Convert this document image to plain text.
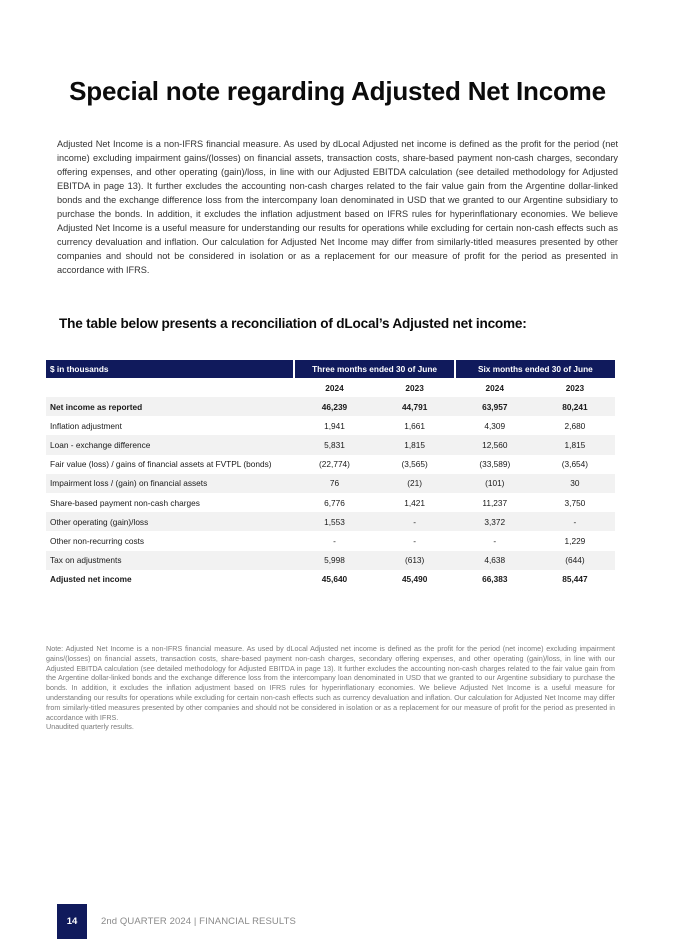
Special note regarding Adjusted Net Income

Adjusted Net Income is a non-IFRS financial measure. As used by dLocal Adjusted net income is defined as the profit for the period (net income) excluding impairment gains/(losses) on financial assets, transaction costs, share-based payment non-cash charges, secondary offering expenses, and other operating (gain)/loss, in line with our Adjusted EBITDA calculation (see detailed methodology for Adjusted EBITDA in page 13). It further excludes the accounting non-cash charges related to the fair value gain from the Argentine dollar-linked bonds and the exchange difference loss from the intercompany loan denominated in USD that we granted to our Argentine subsidiary to purchase the bonds. In addition, it excludes the inflation adjustment based on IFRS rules for hyperinflationary economies. We believe Adjusted Net Income is a useful measure for understanding our results for operations while excluding for certain non-cash effects such as currency devaluation and inflation. Our calculation for Adjusted Net Income may differ from similarly-titled measures presented by other companies and should not be considered in isolation or as a replacement for our measure of profit for the period as presented in accordance with IFRS.

The table below presents a reconciliation of dLocal’s Adjusted net income:
$ in thousands	Three months ended 30 of June		Six months ended 30 of June	
	2024	2023	2024	2023
Net income as reported	46,239	44,791	63,957	80,241
Inflation adjustment	1,941	1,661	4,309	2,680
Loan - exchange difference	5,831	1,815	12,560	1,815
Fair value (loss) / gains of financial assets at FVTPL (bonds)	(22,774)	(3,565)	(33,589)	(3,654)
Impairment loss / (gain) on financial assets	76	(21)	(101)	30
Share-based payment non-cash charges	6,776	1,421	11,237	3,750
Other operating (gain)/loss	1,553	-	3,372	-
Other non-recurring costs	-	-	-	1,229
Tax on adjustments	5,998	(613)	4,638	(644)
Adjusted net income	45,640	45,490	66,383	85,447

Note: Adjusted Net Income is a non-IFRS financial measure. As used by dLocal Adjusted net income is defined as the profit for the period (net income) excluding impairment gains/(losses) on financial assets, transaction costs, share-based payment non-cash charges, secondary offering expenses, and other operating (gain)/loss, in line with our Adjusted EBITDA calculation (see detailed methodology for Adjusted EBITDA in page 13). It further excludes the accounting non-cash charges related to the fair value gain from the Argentine dollar-linked bonds and the exchange difference loss from the intercompany loan denominated in USD that we granted to our Argentine subsidiary to purchase the bonds. In addition, it excludes the inflation adjustment based on IFRS rules for hyperinflationary economies. We believe Adjusted Net Income is a useful measure for understanding our results for operations while excluding for certain non-cash effects such as currency devaluation and inflation. Our calculation for Adjusted Net Income may differ from similarly-titled measures presented by other companies and should not be considered in isolation or as a replacement for our measure of profit for the period as presented in accordance with IFRS.

Unaudited quarterly results.

14 2nd QUARTER 2024 | FINANCIAL RESULTS
